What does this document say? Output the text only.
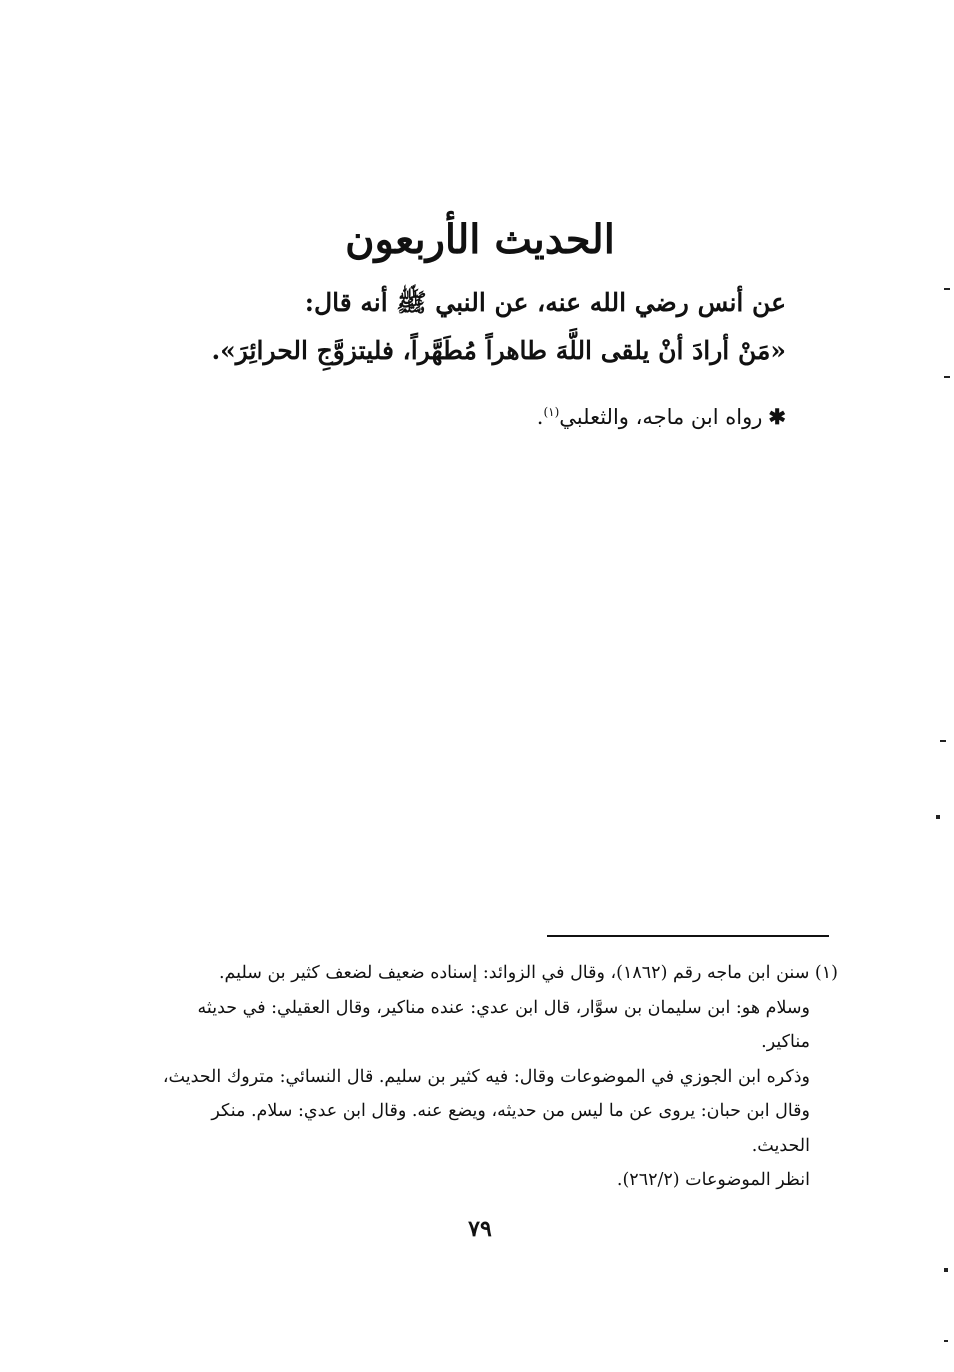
الحديث الأربعون
عن أنس رضي الله عنه، عن النبي ﷺ أنه قال:
«مَنْ أرادَ أنْ يلقى اللَّهَ طاهراً مُطَهَّراً، فليتزوَّجِ الحرائِرَ».
✱رواه ابن ماجه، والثعلبي$^{(١)}$.
(١) سنن ابن ماجه رقم (١٨٦٢)، وقال في الزوائد: إسناده ضعيف لضعف كثير بن سليم.
وسلام هو: ابن سليمان بن سوَّار، قال ابن عدي: عنده مناكير، وقال العقيلي: في حديثه
مناكير.
وذكره ابن الجوزي في الموضوعات وقال: فيه كثير بن سليم. قال النسائي: متروك الحديث،
وقال ابن حبان: يروى عن ما ليس من حديثه، ويضع عنه. وقال ابن عدي: سلام. منكر
الحديث.
انظر الموضوعات (٢٦٢/٢).
٧٩
